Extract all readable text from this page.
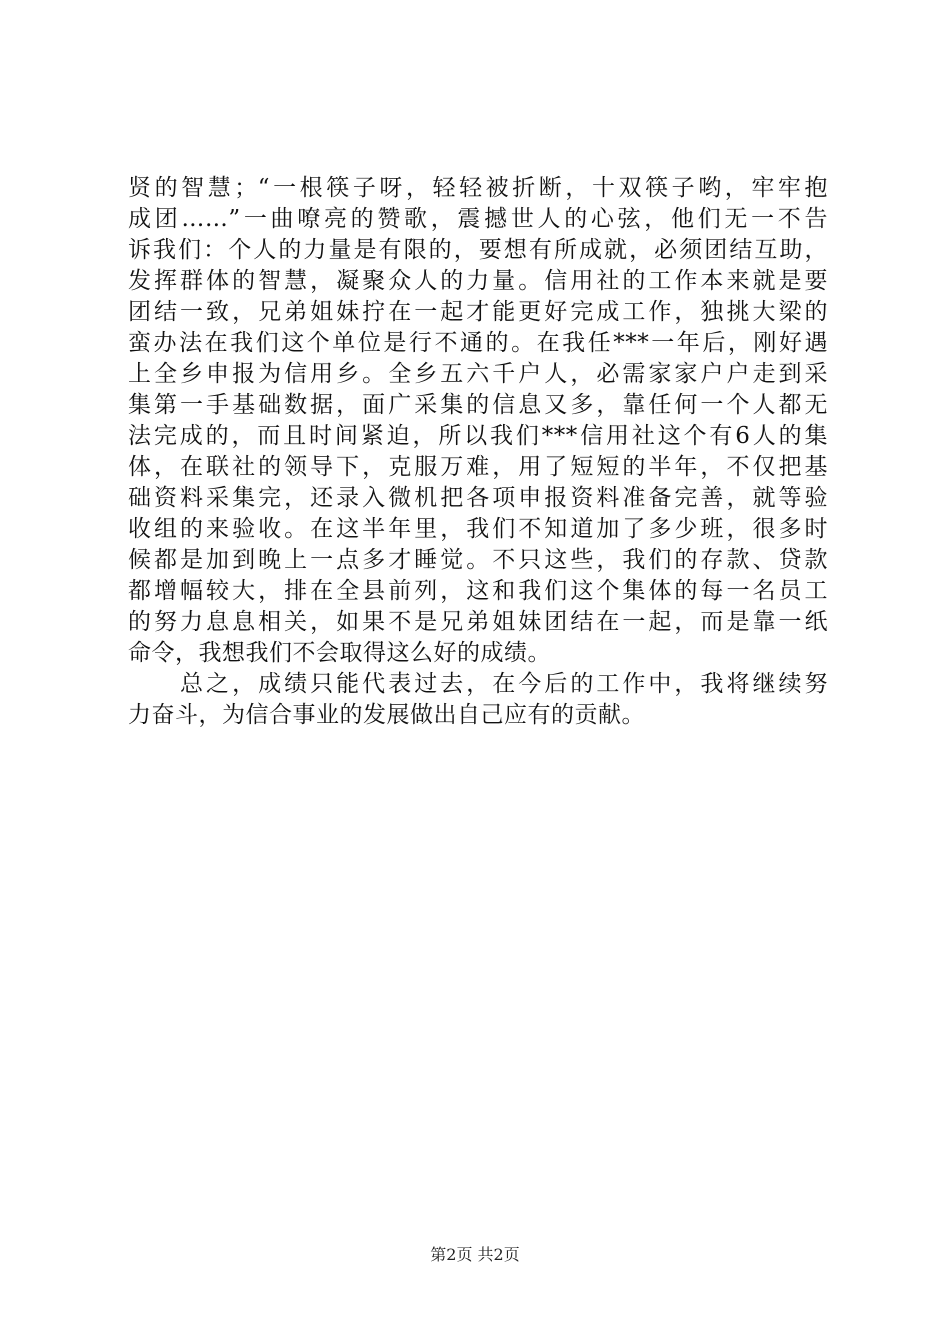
贤的智慧；“一根筷子呀，轻轻被折断，十双筷子哟，牢牢抱
成团……”一曲嘹亮的赞歌，震撼世人的心弦，他们无一不告
诉我们：个人的力量是有限的，要想有所成就，必须团结互助，
发挥群体的智慧，凝聚众人的力量。信用社的工作本来就是要
团结一致，兄弟姐妹拧在一起才能更好完成工作，独挑大梁的
蛮办法在我们这个单位是行不通的。在我任***一年后，刚好遇
上全乡申报为信用乡。全乡五六千户人，必需家家户户走到采
集第一手基础数据，面广采集的信息又多，靠任何一个人都无
法完成的，而且时间紧迫，所以我们***信用社这个有6人的集
体，在联社的领导下，克服万难，用了短短的半年，不仅把基
础资料采集完，还录入微机把各项申报资料准备完善，就等验
收组的来验收。在这半年里，我们不知道加了多少班，很多时
候都是加到晚上一点多才睡觉。不只这些，我们的存款、贷款
都增幅较大，排在全县前列，这和我们这个集体的每一名员工
的努力息息相关，如果不是兄弟姐妹团结在一起，而是靠一纸
命令，我想我们不会取得这么好的成绩。
　　总之，成绩只能代表过去，在今后的工作中，我将继续努
力奋斗，为信合事业的发展做出自己应有的贡献。
第2页 共2页
